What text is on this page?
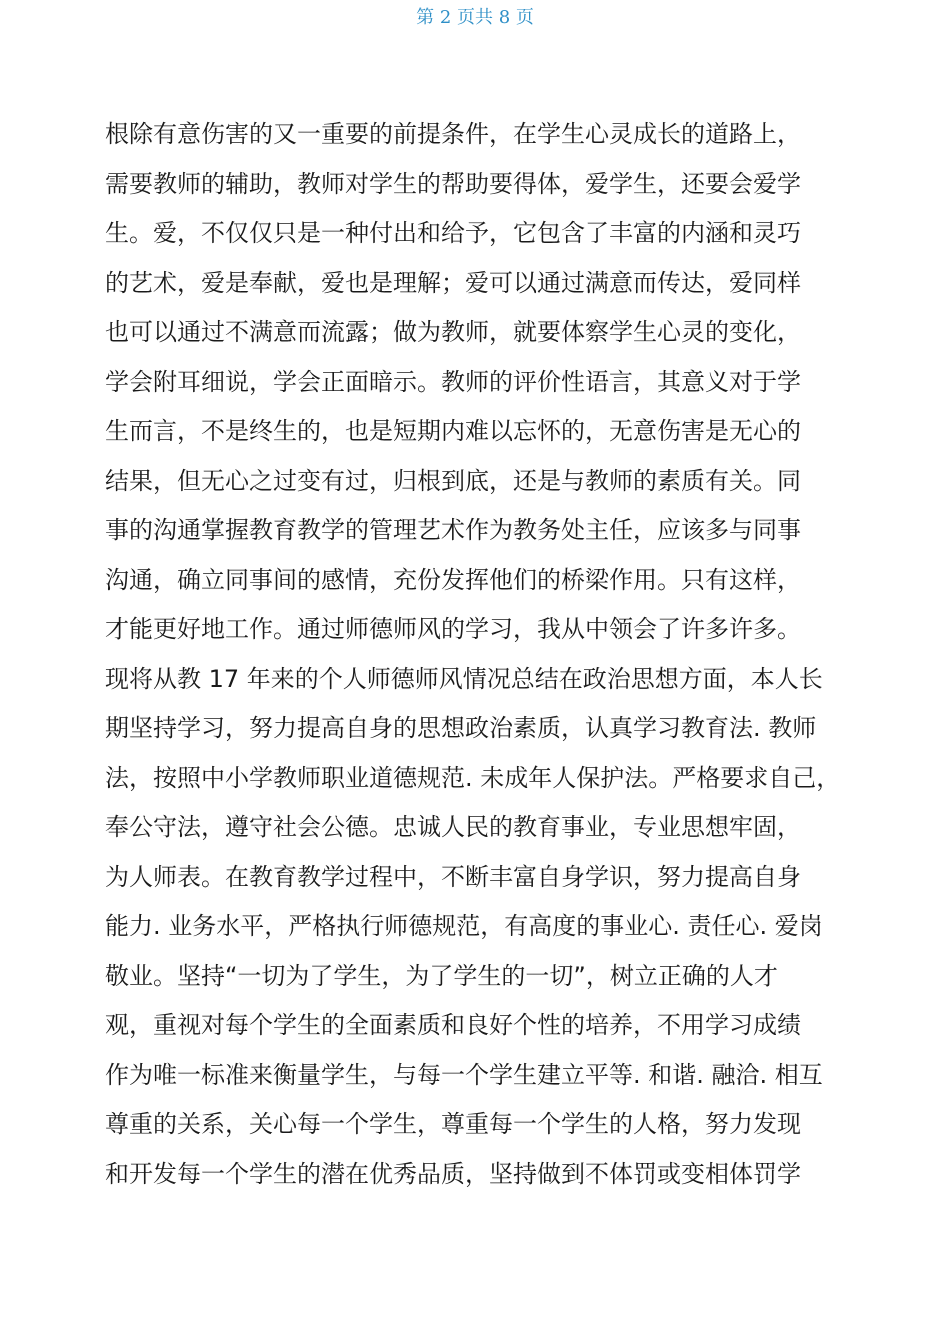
第 2 页共 8 页
根除有意伤害的又一重要的前提条件，在学生心灵成长的道路上，
需要教师的辅助，教师对学生的帮助要得体，爱学生，还要会爱学
生。爱，不仅仅只是一种付出和给予，它包含了丰富的内涵和灵巧
的艺术，爱是奉献，爱也是理解；爱可以通过满意而传达，爱同样
也可以通过不满意而流露；做为教师，就要体察学生心灵的变化，
学会附耳细说，学会正面暗示。教师的评价性语言，其意义对于学
生而言，不是终生的，也是短期内难以忘怀的，无意伤害是无心的
结果，但无心之过变有过，归根到底，还是与教师的素质有关。同
事的沟通掌握教育教学的管理艺术作为教务处主任，应该多与同事
沟通，确立同事间的感情，充份发挥他们的桥梁作用。只有这样，
才能更好地工作。通过师德师风的学习，我从中领会了许多许多。
现将从教 17 年来的个人师德师风情况总结在政治思想方面，本人长
期坚持学习，努力提高自身的思想政治素质，认真学习教育法. 教师
法，按照中小学教师职业道德规范. 未成年人保护法。严格要求自己，
奉公守法，遵守社会公德。忠诚人民的教育事业，专业思想牢固，
为人师表。在教育教学过程中，不断丰富自身学识，努力提高自身
能力. 业务水平，严格执行师德规范，有高度的事业心. 责任心. 爱岗
敬业。坚持“一切为了学生，为了学生的一切”，树立正确的人才
观，重视对每个学生的全面素质和良好个性的培养，不用学习成绩
作为唯一标准来衡量学生，与每一个学生建立平等. 和谐. 融洽. 相互
尊重的关系，关心每一个学生，尊重每一个学生的人格，努力发现
和开发每一个学生的潜在优秀品质，坚持做到不体罚或变相体罚学
